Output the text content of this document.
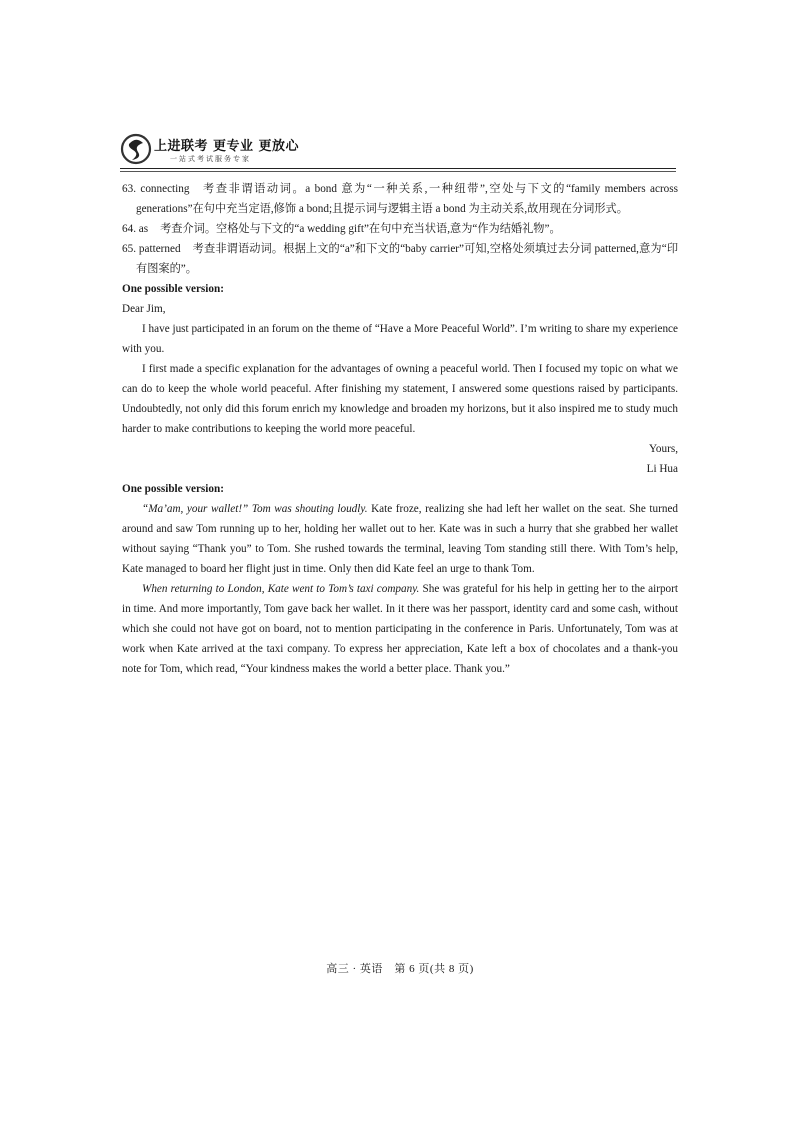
上进联考 更专业 更放心
一站式考试服务专家

63. connecting 考查非谓语动词。a bond 意为“一种关系,一种纽带”,空处与下文的“family members across generations”在句中充当定语,修饰 a bond;且提示词与逻辑主语 a bond 为主动关系,故用现在分词形式。

64. as 考查介词。空格处与下文的“a wedding gift”在句中充当状语,意为“作为结婚礼物”。

65. patterned 考查非谓语动词。根据上文的“a”和下文的“baby carrier”可知,空格处须填过去分词 patterned,意为“印有图案的”。

One possible version:

Dear Jim,

I have just participated in an forum on the theme of “Have a More Peaceful World”. I’m writing to share my experience with you.

I first made a specific explanation for the advantages of owning a peaceful world. Then I focused my topic on what we can do to keep the whole world peaceful. After finishing my statement, I answered some questions raised by participants. Undoubtedly, not only did this forum enrich my knowledge and broaden my horizons, but it also inspired me to study much harder to make contributions to keeping the world more peaceful.

Yours,

Li Hua

One possible version:

“Ma’am, your wallet!” Tom was shouting loudly. Kate froze, realizing she had left her wallet on the seat. She turned around and saw Tom running up to her, holding her wallet out to her. Kate was in such a hurry that she grabbed her wallet without saying “Thank you” to Tom. She rushed towards the terminal, leaving Tom standing still there. With Tom’s help, Kate managed to board her flight just in time. Only then did Kate feel an urge to thank Tom.

When returning to London, Kate went to Tom’s taxi company. She was grateful for his help in getting her to the airport in time. And more importantly, Tom gave back her wallet. In it there was her passport, identity card and some cash, without which she could not have got on board, not to mention participating in the conference in Paris. Unfortunately, Tom was at work when Kate arrived at the taxi company. To express her appreciation, Kate left a box of chocolates and a thank-you note for Tom, which read, “Your kindness makes the world a better place. Thank you.”

高三 · 英语　第 6 页(共 8 页)
